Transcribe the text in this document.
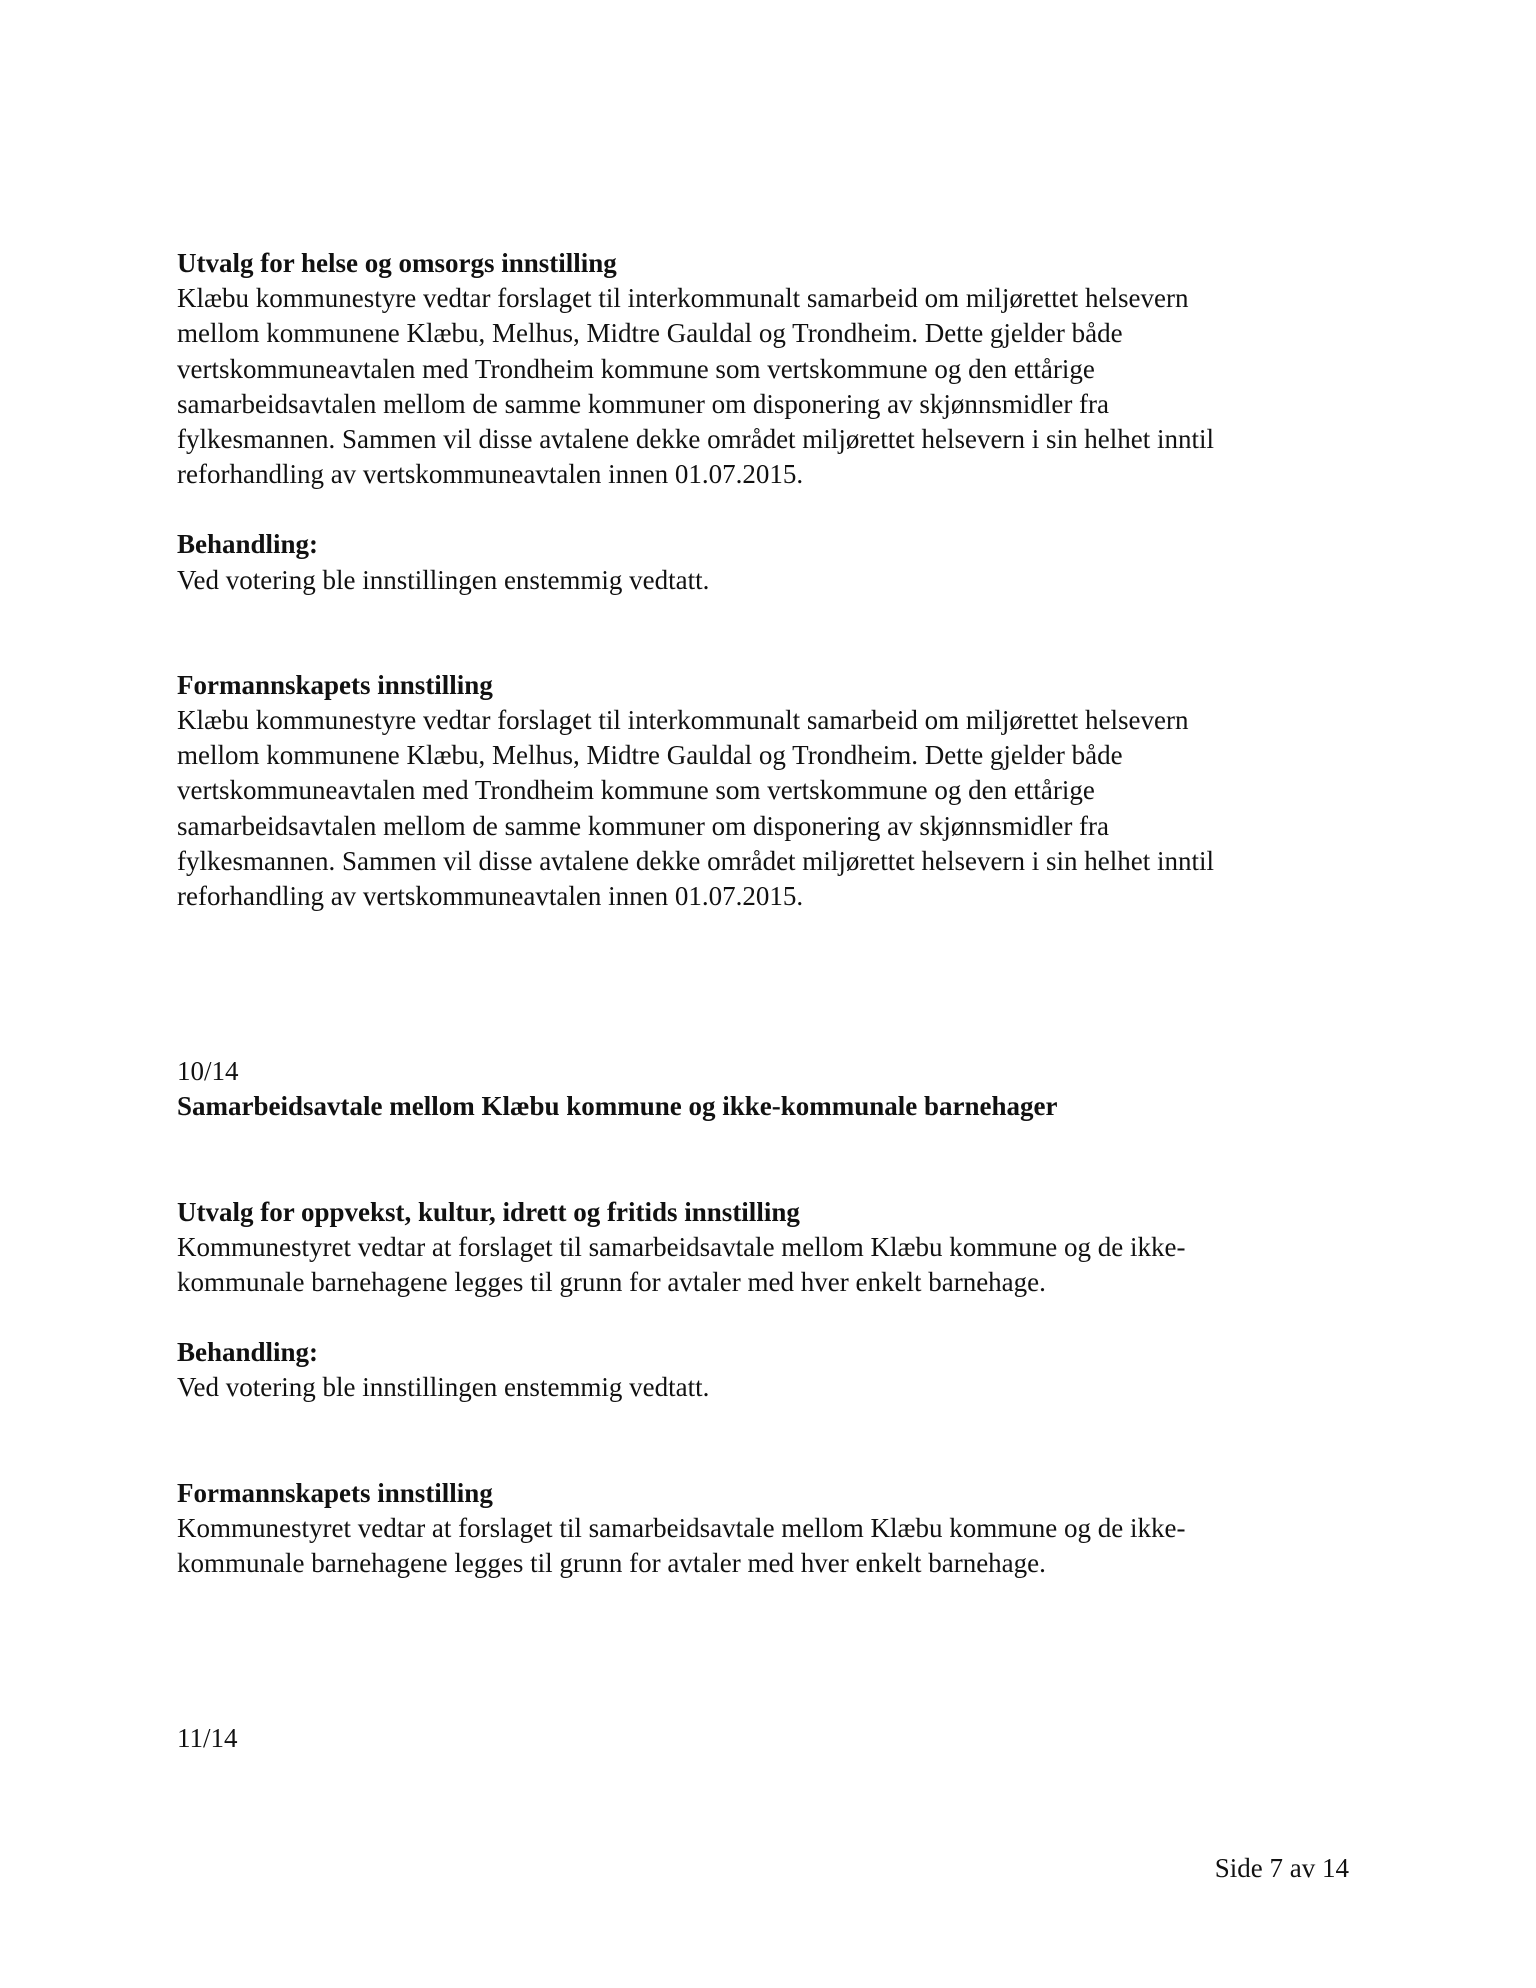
Utvalg for helse og omsorgs innstilling

Klæbu kommunestyre vedtar forslaget til interkommunalt samarbeid om miljørettet helsevern
mellom kommunene Klæbu, Melhus, Midtre Gauldal og Trondheim. Dette gjelder både
vertskommuneavtalen med Trondheim kommune som vertskommune og den ettårige
samarbeidsavtalen mellom de samme kommuner om disponering av skjønnsmidler fra
fylkesmannen. Sammen vil disse avtalene dekke området miljørettet helsevern i sin helhet inntil
reforhandling av vertskommuneavtalen innen 01.07.2015.

Behandling:

Ved votering ble innstillingen enstemmig vedtatt.

Formannskapets innstilling

Klæbu kommunestyre vedtar forslaget til interkommunalt samarbeid om miljørettet helsevern
mellom kommunene Klæbu, Melhus, Midtre Gauldal og Trondheim. Dette gjelder både
vertskommuneavtalen med Trondheim kommune som vertskommune og den ettårige
samarbeidsavtalen mellom de samme kommuner om disponering av skjønnsmidler fra
fylkesmannen. Sammen vil disse avtalene dekke området miljørettet helsevern i sin helhet inntil
reforhandling av vertskommuneavtalen innen 01.07.2015.

10/14

Samarbeidsavtale mellom Klæbu kommune og ikke-kommunale barnehager

Utvalg for oppvekst, kultur, idrett og fritids innstilling

Kommunestyret vedtar at forslaget til samarbeidsavtale mellom Klæbu kommune og de ikke-
kommunale barnehagene legges til grunn for avtaler med hver enkelt barnehage.

Behandling:

Ved votering ble innstillingen enstemmig vedtatt.

Formannskapets innstilling

Kommunestyret vedtar at forslaget til samarbeidsavtale mellom Klæbu kommune og de ikke-
kommunale barnehagene legges til grunn for avtaler med hver enkelt barnehage.

11/14

Side 7 av 14
